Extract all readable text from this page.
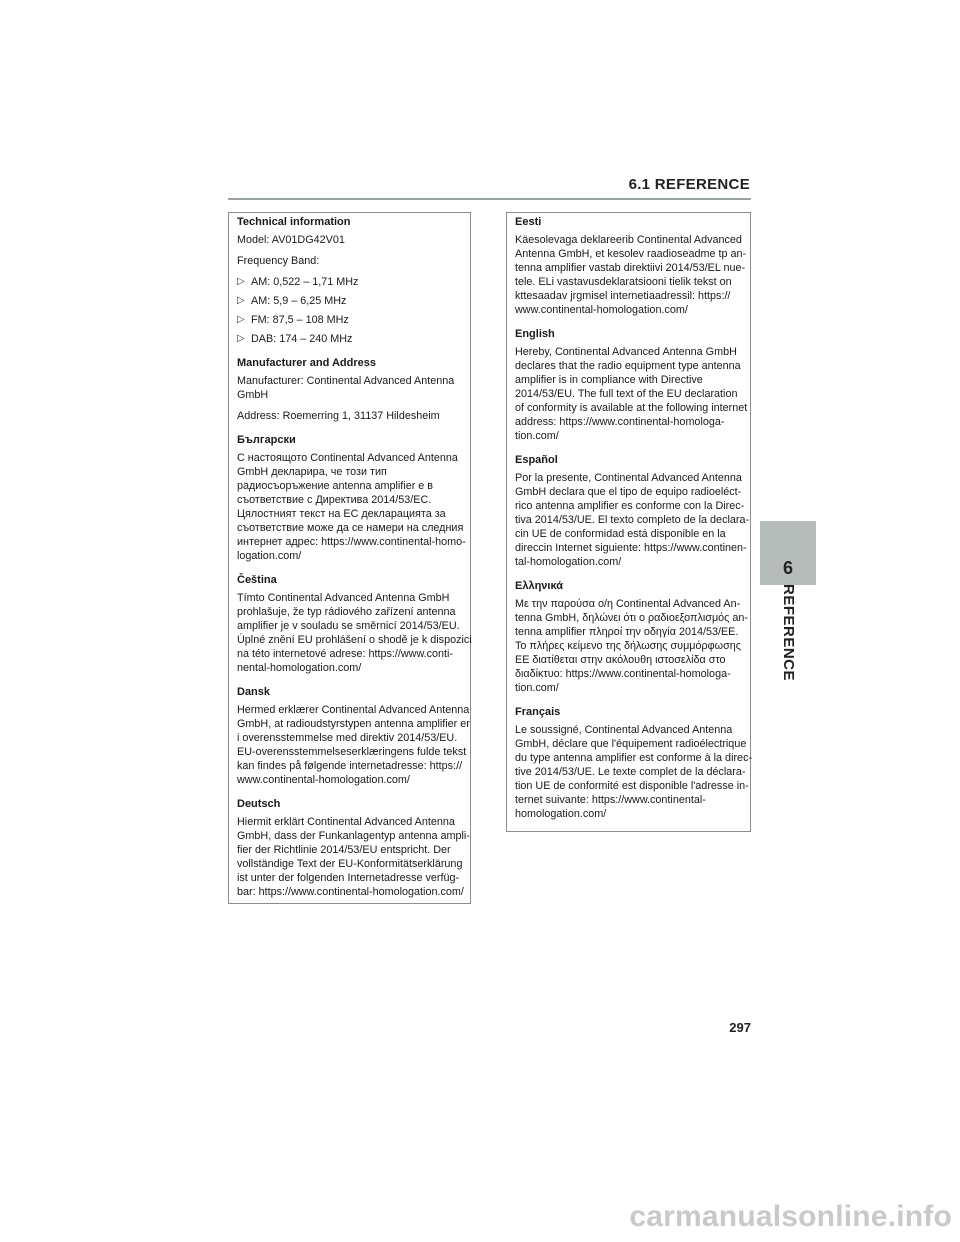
6.1 REFERENCE
Technical information
Model: AV01DG42V01
Frequency Band:
▷ AM: 0,522 – 1,71 MHz
▷ AM: 5,9 – 6,25 MHz
▷ FM: 87,5 – 108 MHz
▷ DAB: 174 – 240 MHz
Manufacturer and Address
Manufacturer: Continental Advanced Antenna
GmbH
Address: Roemerring 1, 31137 Hildesheim
Български
С настоящото Continental Advanced Antenna
GmbH декларира, че този тип
радиосъоръжение antenna amplifier е в
съответствие с Директива 2014/53/EC.
Цялостният текст на ЕС декларацията за
съответствие може да се намери на следния
интернет адрес: https://www.continental-homo-
logation.com/
Čeština
Tímto Continental Advanced Antenna GmbH
prohlašuje, že typ rádiového zařízení antenna
amplifier je v souladu se směrnicí 2014/53/EU.
Úplné znění EU prohlášení o shodě je k dispozici
na této internetové adrese: https://www.conti-
nental-homologation.com/
Dansk
Hermed erklærer Continental Advanced Antenna
GmbH, at radioudstyrstypen antenna amplifier er
i overensstemmelse med direktiv 2014/53/EU.
EU-overensstemmelseserklæringens fulde tekst
kan findes på følgende internetadresse: https://
www.continental-homologation.com/
Deutsch
Hiermit erklärt Continental Advanced Antenna
GmbH, dass der Funkanlagentyp antenna ampli-
fier der Richtlinie 2014/53/EU entspricht. Der
vollständige Text der EU-Konformitätserklärung
ist unter der folgenden Internetadresse verfüg-
bar: https://www.continental-homologation.com/
Eesti
Käesolevaga deklareerib Continental Advanced
Antenna GmbH, et kesolev raadioseadme tp an-
tenna amplifier vastab direktiivi 2014/53/EL nue-
tele. ELi vastavusdeklaratsiooni tielik tekst on
kttesaadav jrgmisel internetiaadressil: https://
www.continental-homologation.com/
English
Hereby, Continental Advanced Antenna GmbH
declares that the radio equipment type antenna
amplifier is in compliance with Directive
2014/53/EU. The full text of the EU declaration
of conformity is available at the following internet
address: https://www.continental-homologa-
tion.com/
Español
Por la presente, Continental Advanced Antenna
GmbH declara que el tipo de equipo radioeléct-
rico antenna amplifier es conforme con la Direc-
tiva 2014/53/UE. El texto completo de la declara-
cin UE de conformidad está disponible en la
direccin Internet siguiente: https://www.continen-
tal-homologation.com/
Ελληνικά
Με την παρούσα ο/η Continental Advanced An-
tenna GmbH, δηλώνει ότι ο ραδιοεξοπλισμός an-
tenna amplifier πληροί την οδηγία 2014/53/ΕΕ.
Το πλήρες κείμενο της δήλωσης συμμόρφωσης
ΕΕ διατίθεται στην ακόλουθη ιστοσελίδα στο
διαδίκτυο: https://www.continental-homologa-
tion.com/
Français
Le soussigné, Continental Advanced Antenna
GmbH, déclare que l'équipement radioélectrique
du type antenna amplifier est conforme à la direc-
tive 2014/53/UE. Le texte complet de la déclara-
tion UE de conformité est disponible l'adresse in-
ternet suivante: https://www.continental-
homologation.com/
6
REFERENCE
297
carmanualsonline.info
